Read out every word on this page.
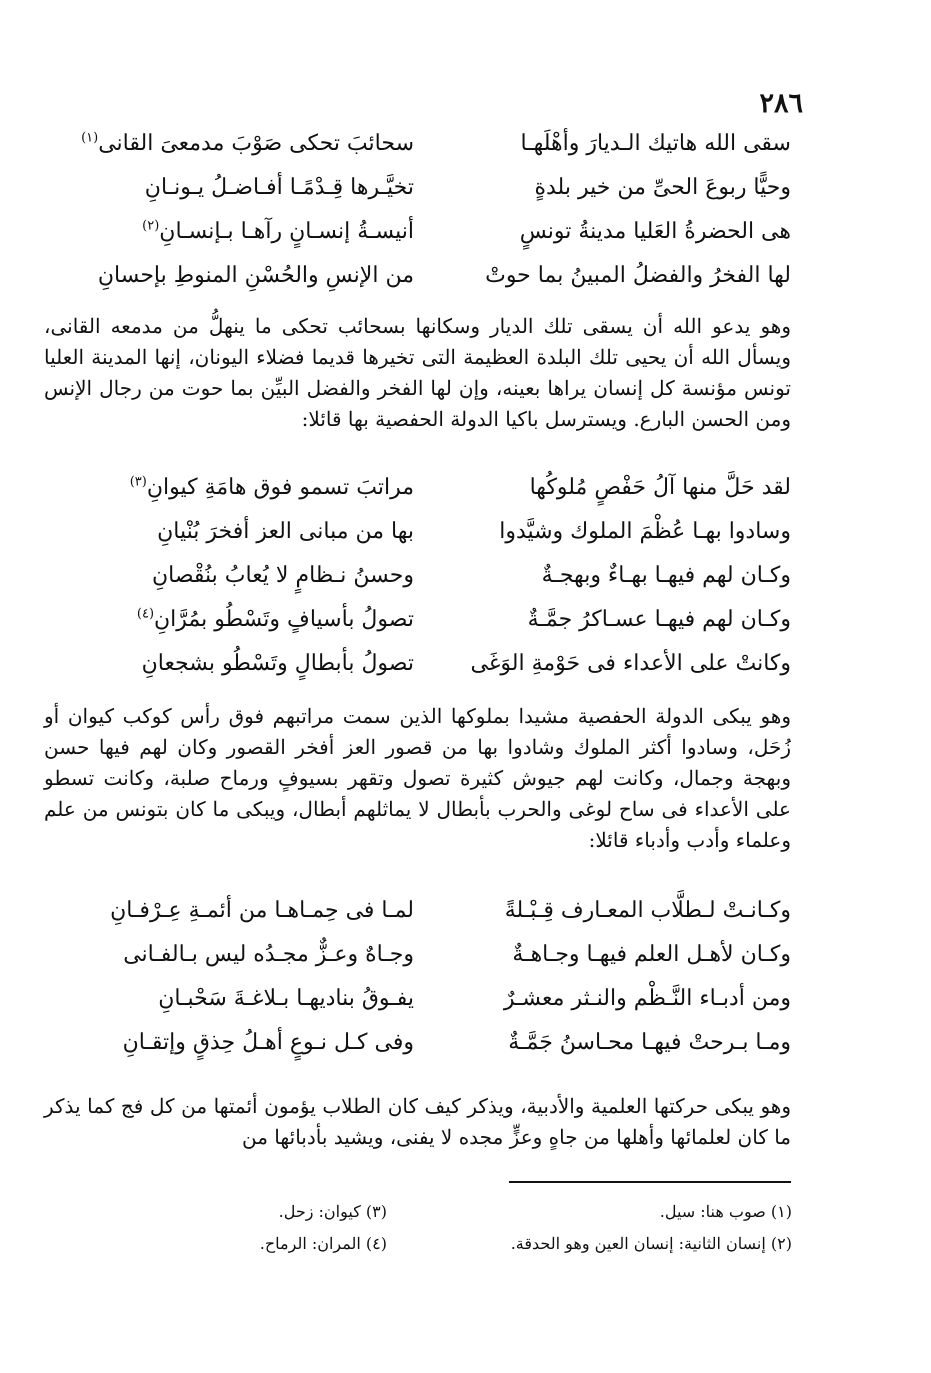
٢٨٦
سقى الله هاتيك الـديارَ وأهْلَهـا
سحائبَ تحكى صَوْبَ مدمعىَ القانى$^{(١)}$
وحيًّا ربوعَ الحىِّ من خير بلدةٍ
تخيَّـرها قِـدْمًـا أفـاضـلُ يـونـانِ
هى الحضرةُ العَليا مدينةُ تونسٍ
أنيسـةُ إنسـانٍ رآهـا بـإنسـانِ$^{(٢)}$
لها الفخرُ والفضلُ المبينُ بما حوتْ
من الإنسِ والحُسْنِ المنوطِ بإحسانِ

وهو يدعو الله أن يسقى تلك الديار وسكانها بسحائب تحكى ما ينهلُّ من مدمعه القانى، ويسأل الله أن يحيى تلك البلدة العظيمة التى تخيرها قديما فضلاء اليونان، إنها المدينة العليا تونس مؤنسة كل إنسان يراها بعينه، وإن لها الفخر والفضل البيِّن بما حوت من رجال الإنس ومن الحسن البارع. ويسترسل باكيا الدولة الحفصية بها قائلا:

لقد حَلَّ منها آلُ حَفْصٍ مُلوكُها
مراتبَ تسمو فوق هامَةِ كيوانِ$^{(٣)}$
وسادوا بهـا عُظْمَ الملوك وشيَّدوا
بها من مبانى العز أفخرَ بُنْيانِ
وكـان لهم فيهـا بهـاءٌ وبهجـةٌ
وحسنُ نـظامٍ لا يُعابُ بنُقْصانِ
وكـان لهم فيهـا عسـاكرُ جمَّـةٌ
تصولُ بأسيافٍ وتَسْطُو بمُرَّانِ$^{(٤)}$
وكانتْ على الأعداء فى حَوْمةِ الوَغَى
تصولُ بأبطالٍ وتَسْطُو بشجعانِ

وهو يبكى الدولة الحفصية مشيدا بملوكها الذين سمت مراتبهم فوق رأس كوكب كيوان أو زُحَل، وسادوا أكثر الملوك وشادوا بها من قصور العز أفخر القصور وكان لهم فيها حسن وبهجة وجمال، وكانت لهم جيوش كثيرة تصول وتقهر بسيوفٍ ورماح صلبة، وكانت تسطو على الأعداء فى ساح لوغى والحرب بأبطال لا يماثلهم أبطال، ويبكى ما كان بتونس من علم وعلماء وأدب وأدباء قائلا:

وكـانـتْ لـطلَّاب المعـارف قِـبْـلةً
لمـا فى حِمـاهـا من أئمـةِ عِـرْفـانِ
وكـان لأهـل العلم فيهـا وجـاهـةٌ
وجـاهٌ وعـزٌّ مجـدُه ليس بـالفـانى
ومن أدبـاء النَّـظْم والنـثر معشـرٌ
يفـوقُ بناديهـا بـلاغـةَ سَحْبـانِ
ومـا بـرحتْ فيهـا محـاسنُ جَمَّـةٌ
وفى كـل نـوعٍ أهـلُ حِذقٍ وإتقـانِ

وهو يبكى حركتها العلمية والأدبية، ويذكر كيف كان الطلاب يؤمون أئمتها من كل فج كما يذكر ما كان لعلمائها وأهلها من جاهٍ وعزٍّ مجده لا يفنى، ويشيد بأدبائها من

(١) صوب هنا: سيل.
(٣) كيوان: زحل.
(٢) إنسان الثانية: إنسان العين وهو الحدقة.
(٤) المران: الرماح.
